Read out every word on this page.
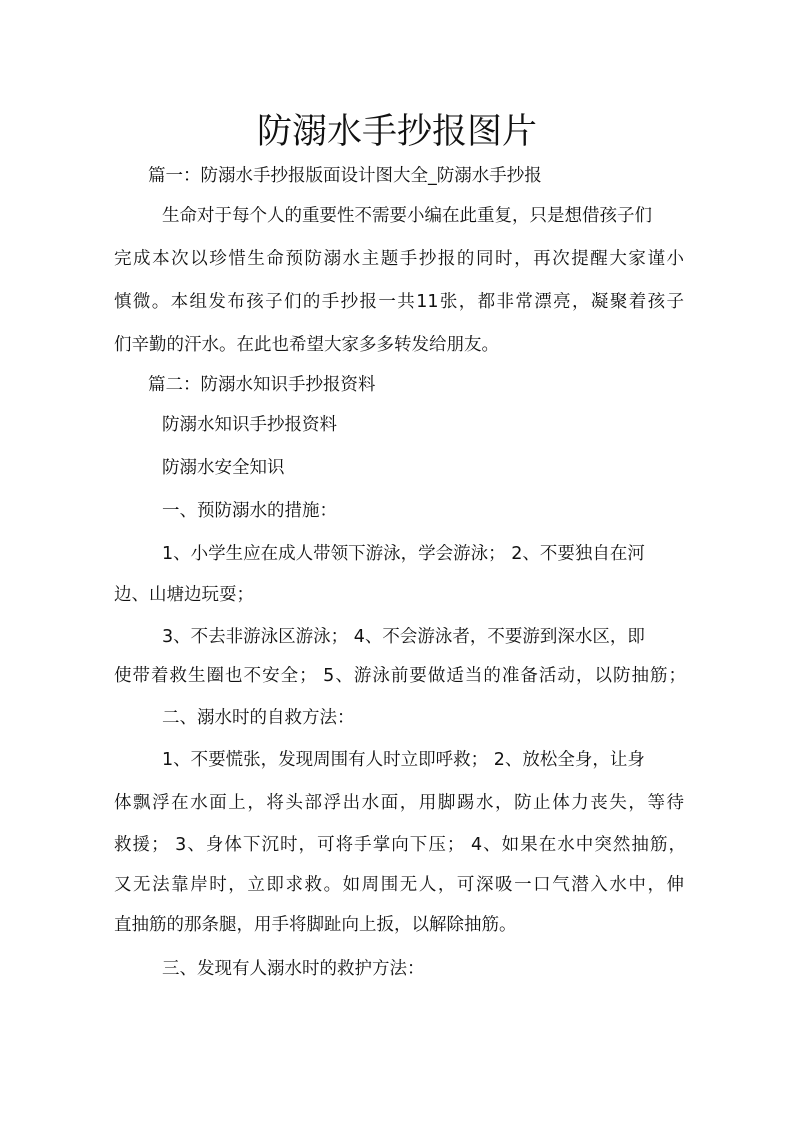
防溺水手抄报图片
篇一：防溺水手抄报版面设计图大全_防溺水手抄报
生命对于每个人的重要性不需要小编在此重复，只是想借孩子们
完成本次以珍惜生命预防溺水主题手抄报的同时，再次提醒大家谨小
慎微。本组发布孩子们的手抄报一共11张，都非常漂亮，凝聚着孩子
们辛勤的汗水。在此也希望大家多多转发给朋友。
篇二：防溺水知识手抄报资料
防溺水知识手抄报资料
防溺水安全知识
一、预防溺水的措施：
1、小学生应在成人带领下游泳，学会游泳； 2、不要独自在河
边、山塘边玩耍；
3、不去非游泳区游泳； 4、不会游泳者，不要游到深水区，即
使带着救生圈也不安全； 5、游泳前要做适当的准备活动，以防抽筋；
二、溺水时的自救方法：
1、不要慌张，发现周围有人时立即呼救； 2、放松全身，让身
体飘浮在水面上，将头部浮出水面，用脚踢水，防止体力丧失，等待
救援； 3、身体下沉时，可将手掌向下压； 4、如果在水中突然抽筋，
又无法靠岸时，立即求救。如周围无人，可深吸一口气潜入水中，伸
直抽筋的那条腿，用手将脚趾向上扳，以解除抽筋。
三、发现有人溺水时的救护方法：
